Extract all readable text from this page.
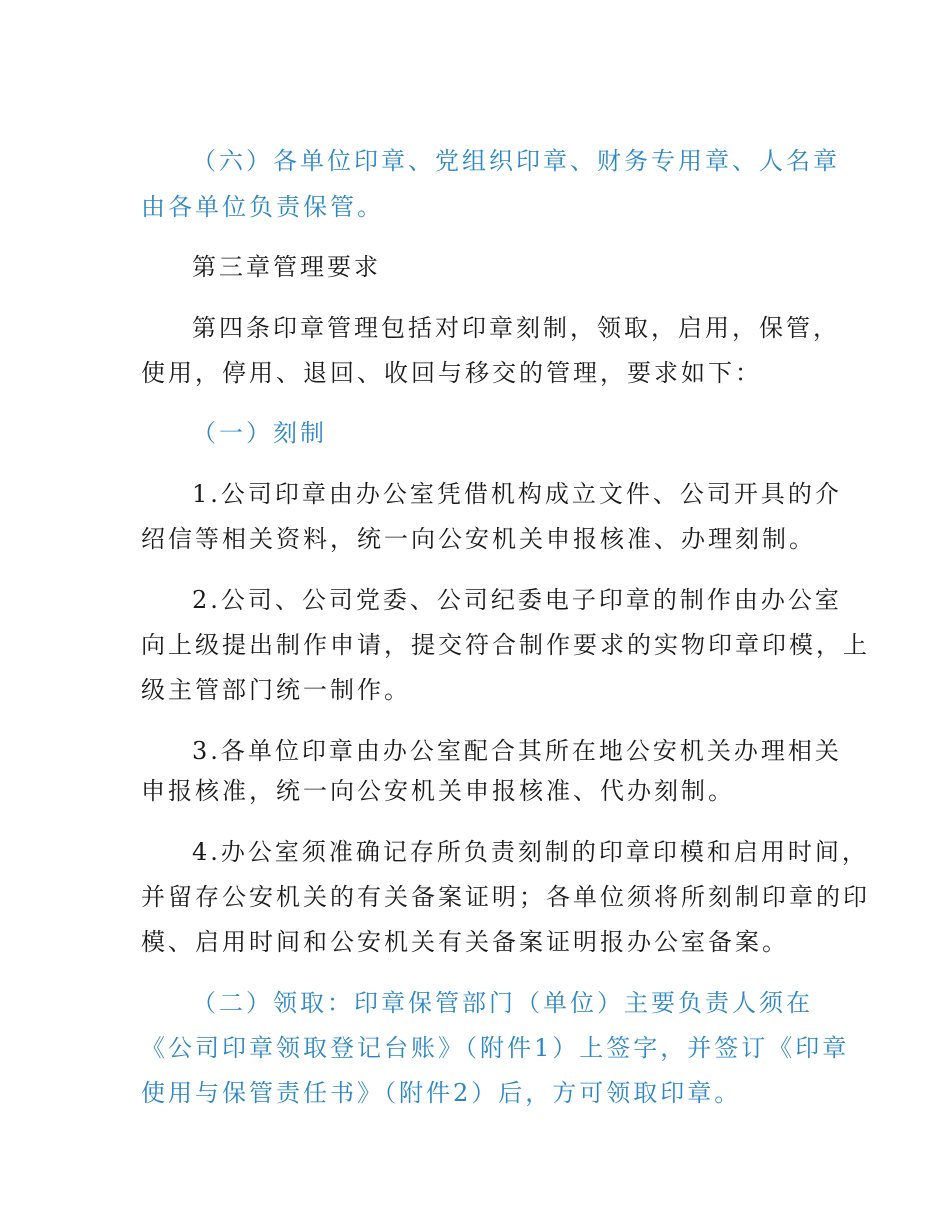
（六）各单位印章、党组织印章、财务专用章、人名章
由各单位负责保管。
第三章管理要求
第四条印章管理包括对印章刻制，领取，启用，保管，
使用，停用、退回、收回与移交的管理，要求如下：
（一）刻制
1.公司印章由办公室凭借机构成立文件、公司开具的介
绍信等相关资料，统一向公安机关申报核准、办理刻制。
2.公司、公司党委、公司纪委电子印章的制作由办公室
向上级提出制作申请，提交符合制作要求的实物印章印模，上
级主管部门统一制作。
3.各单位印章由办公室配合其所在地公安机关办理相关
申报核准，统一向公安机关申报核准、代办刻制。
4.办公室须准确记存所负责刻制的印章印模和启用时间，
并留存公安机关的有关备案证明；各单位须将所刻制印章的印
模、启用时间和公安机关有关备案证明报办公室备案。
（二）领取：印章保管部门（单位）主要负责人须在
《公司印章领取登记台账》（附件1）上签字，并签订《印章
使用与保管责任书》（附件2）后，方可领取印章。
